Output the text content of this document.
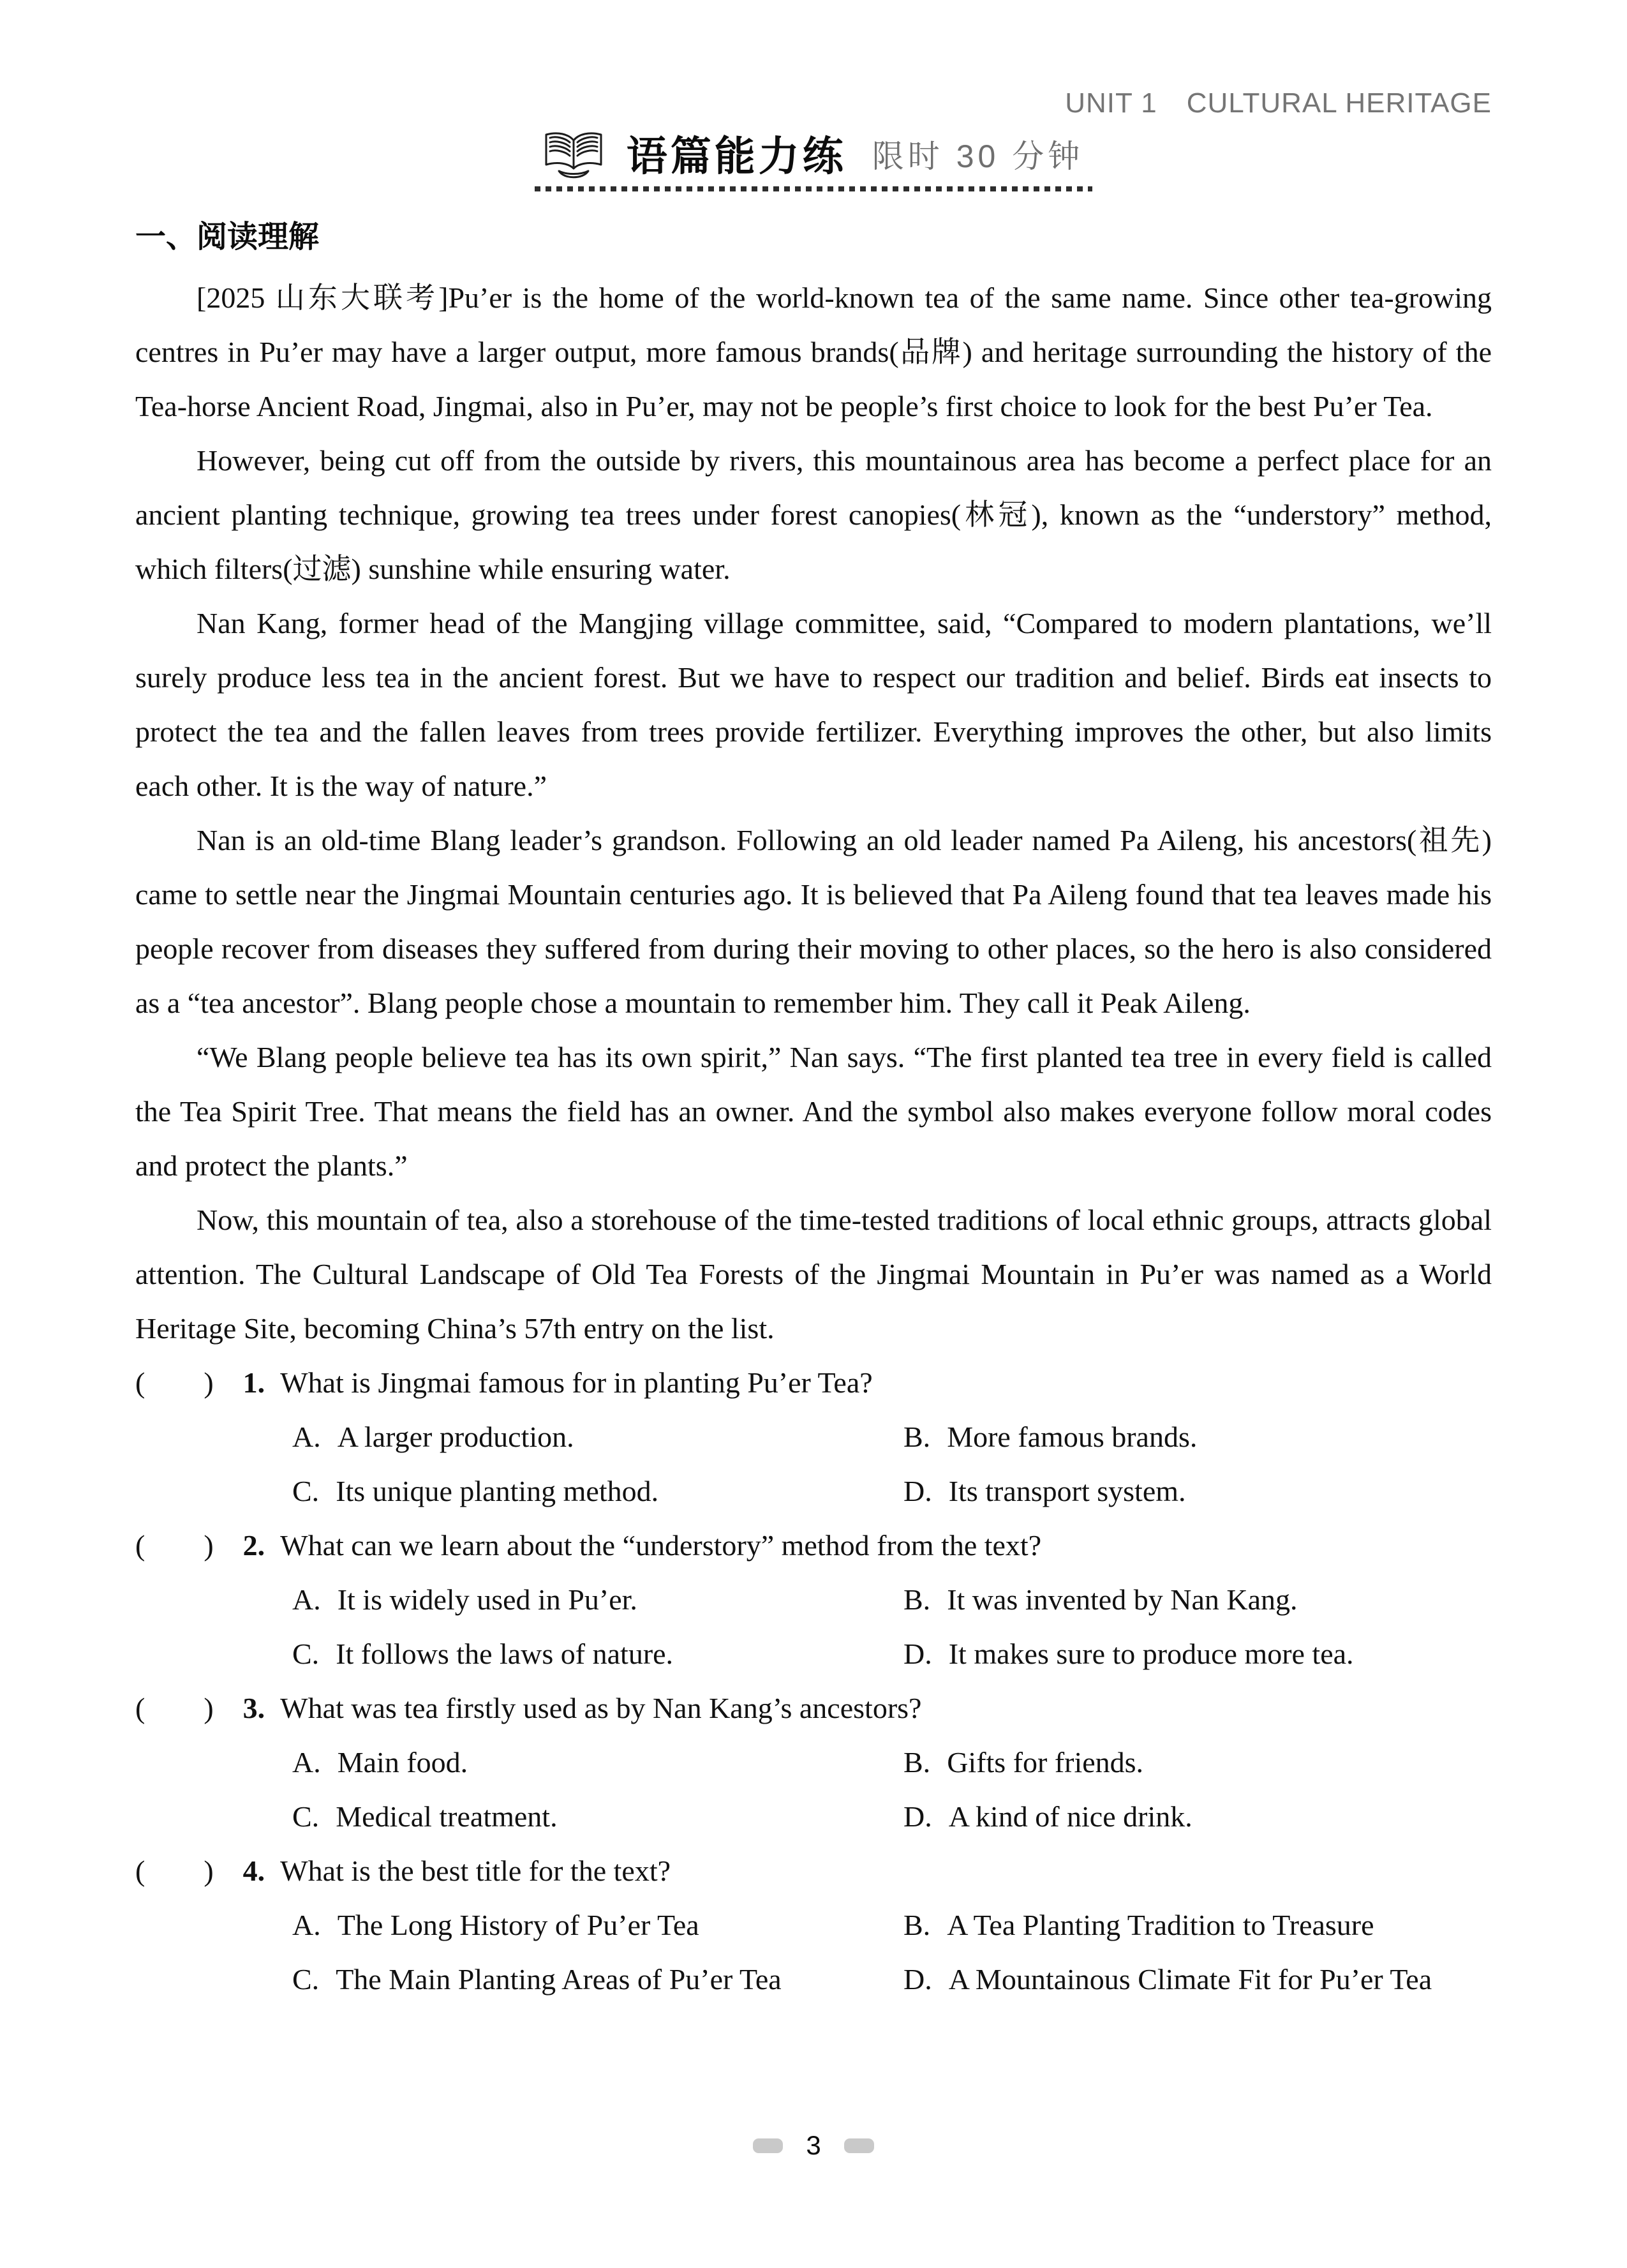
UNIT 1 CULTURAL HERITAGE
语篇能力练 限时 30 分钟
一、阅读理解

[2025 山东大联考]Pu’er is the home of the world-known tea of the same name. Since other tea-growing centres in Pu’er may have a larger output, more famous brands(品牌) and heritage surrounding the history of the Tea-horse Ancient Road, Jingmai, also in Pu’er, may not be people’s first choice to look for the best Pu’er Tea.

However, being cut off from the outside by rivers, this mountainous area has become a perfect place for an ancient planting technique, growing tea trees under forest canopies(林冠), known as the “understory” method, which filters(过滤) sunshine while ensuring water.

Nan Kang, former head of the Mangjing village committee, said, “Compared to modern plantations, we’ll surely produce less tea in the ancient forest. But we have to respect our tradition and belief. Birds eat insects to protect the tea and the fallen leaves from trees provide fertilizer. Everything improves the other, but also limits each other. It is the way of nature.”

Nan is an old-time Blang leader’s grandson. Following an old leader named Pa Aileng, his ancestors(祖先) came to settle near the Jingmai Mountain centuries ago. It is believed that Pa Aileng found that tea leaves made his people recover from diseases they suffered from during their moving to other places, so the hero is also considered as a “tea ancestor”. Blang people chose a mountain to remember him. They call it Peak Aileng.

“We Blang people believe tea has its own spirit,” Nan says. “The first planted tea tree in every field is called the Tea Spirit Tree. That means the field has an owner. And the symbol also makes everyone follow moral codes and protect the plants.”

Now, this mountain of tea, also a storehouse of the time-tested traditions of local ethnic groups, attracts global attention. The Cultural Landscape of Old Tea Forests of the Jingmai Mountain in Pu’er was named as a World Heritage Site, becoming China’s 57th entry on the list.

( ) 1. What is Jingmai famous for in planting Pu’er Tea?
A. A larger production.	B. More famous brands.
C. Its unique planting method.	D. Its transport system.
( ) 2. What can we learn about the “understory” method from the text?
A. It is widely used in Pu’er.	B. It was invented by Nan Kang.
C. It follows the laws of nature.	D. It makes sure to produce more tea.
( ) 3. What was tea firstly used as by Nan Kang’s ancestors?
A. Main food.	B. Gifts for friends.
C. Medical treatment.	D. A kind of nice drink.
( ) 4. What is the best title for the text?
A. The Long History of Pu’er Tea	B. A Tea Planting Tradition to Treasure
C. The Main Planting Areas of Pu’er Tea	D. A Mountainous Climate Fit for Pu’er Tea
3
